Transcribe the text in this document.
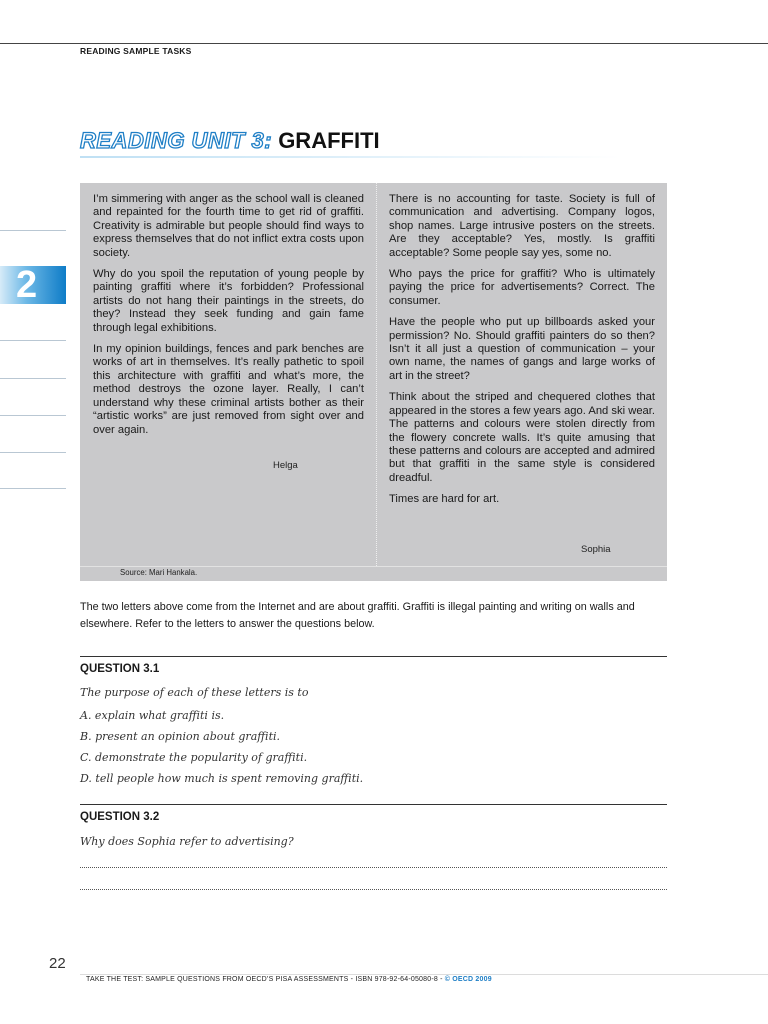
READING SAMPLE TASKS
READING UNIT 3: GRAFFITI
2

I’m simmering with anger as the school wall is cleaned and repainted for the fourth time to get rid of graffiti. Creativity is admirable but people should find ways to express themselves that do not inflict extra costs upon society.

Why do you spoil the reputation of young people by painting graffiti where it’s forbidden? Professional artists do not hang their paintings in the streets, do they? Instead they seek funding and gain fame through legal exhibitions.

In my opinion buildings, fences and park benches are works of art in themselves. It’s really pathetic to spoil this architecture with graffiti and what’s more, the method destroys the ozone layer. Really, I can’t understand why these criminal artists bother as their “artistic works” are just removed from sight over and over again.

Helga

There is no accounting for taste. Society is full of communication and advertising. Company logos, shop names. Large intrusive posters on the streets. Are they acceptable? Yes, mostly. Is graffiti acceptable? Some people say yes, some no.

Who pays the price for graffiti? Who is ultimately paying the price for advertisements? Correct. The consumer.

Have the people who put up billboards asked your permission? No. Should graffiti painters do so then? Isn’t it all just a question of communication – your own name, the names of gangs and large works of art in the street?

Think about the striped and chequered clothes that appeared in the stores a few years ago. And ski wear. The patterns and colours were stolen directly from the flowery concrete walls. It’s quite amusing that these patterns and colours are accepted and admired but that graffiti in the same style is considered dreadful.

Times are hard for art.

Sophia
Source: Mari Hankala.
The two letters above come from the Internet and are about graffiti. Graffiti is illegal painting and writing on walls and elsewhere. Refer to the letters to answer the questions below.
QUESTION 3.1
The purpose of each of these letters is to
A. explain what graffiti is.
B. present an opinion about graffiti.
C. demonstrate the popularity of graffiti.
D. tell people how much is spent removing graffiti.
QUESTION 3.2
Why does Sophia refer to advertising?
22
TAKE THE TEST: SAMPLE QUESTIONS FROM OECD’S PISA ASSESSMENTS - ISBN 978-92-64-05080-8 - © OECD 2009
